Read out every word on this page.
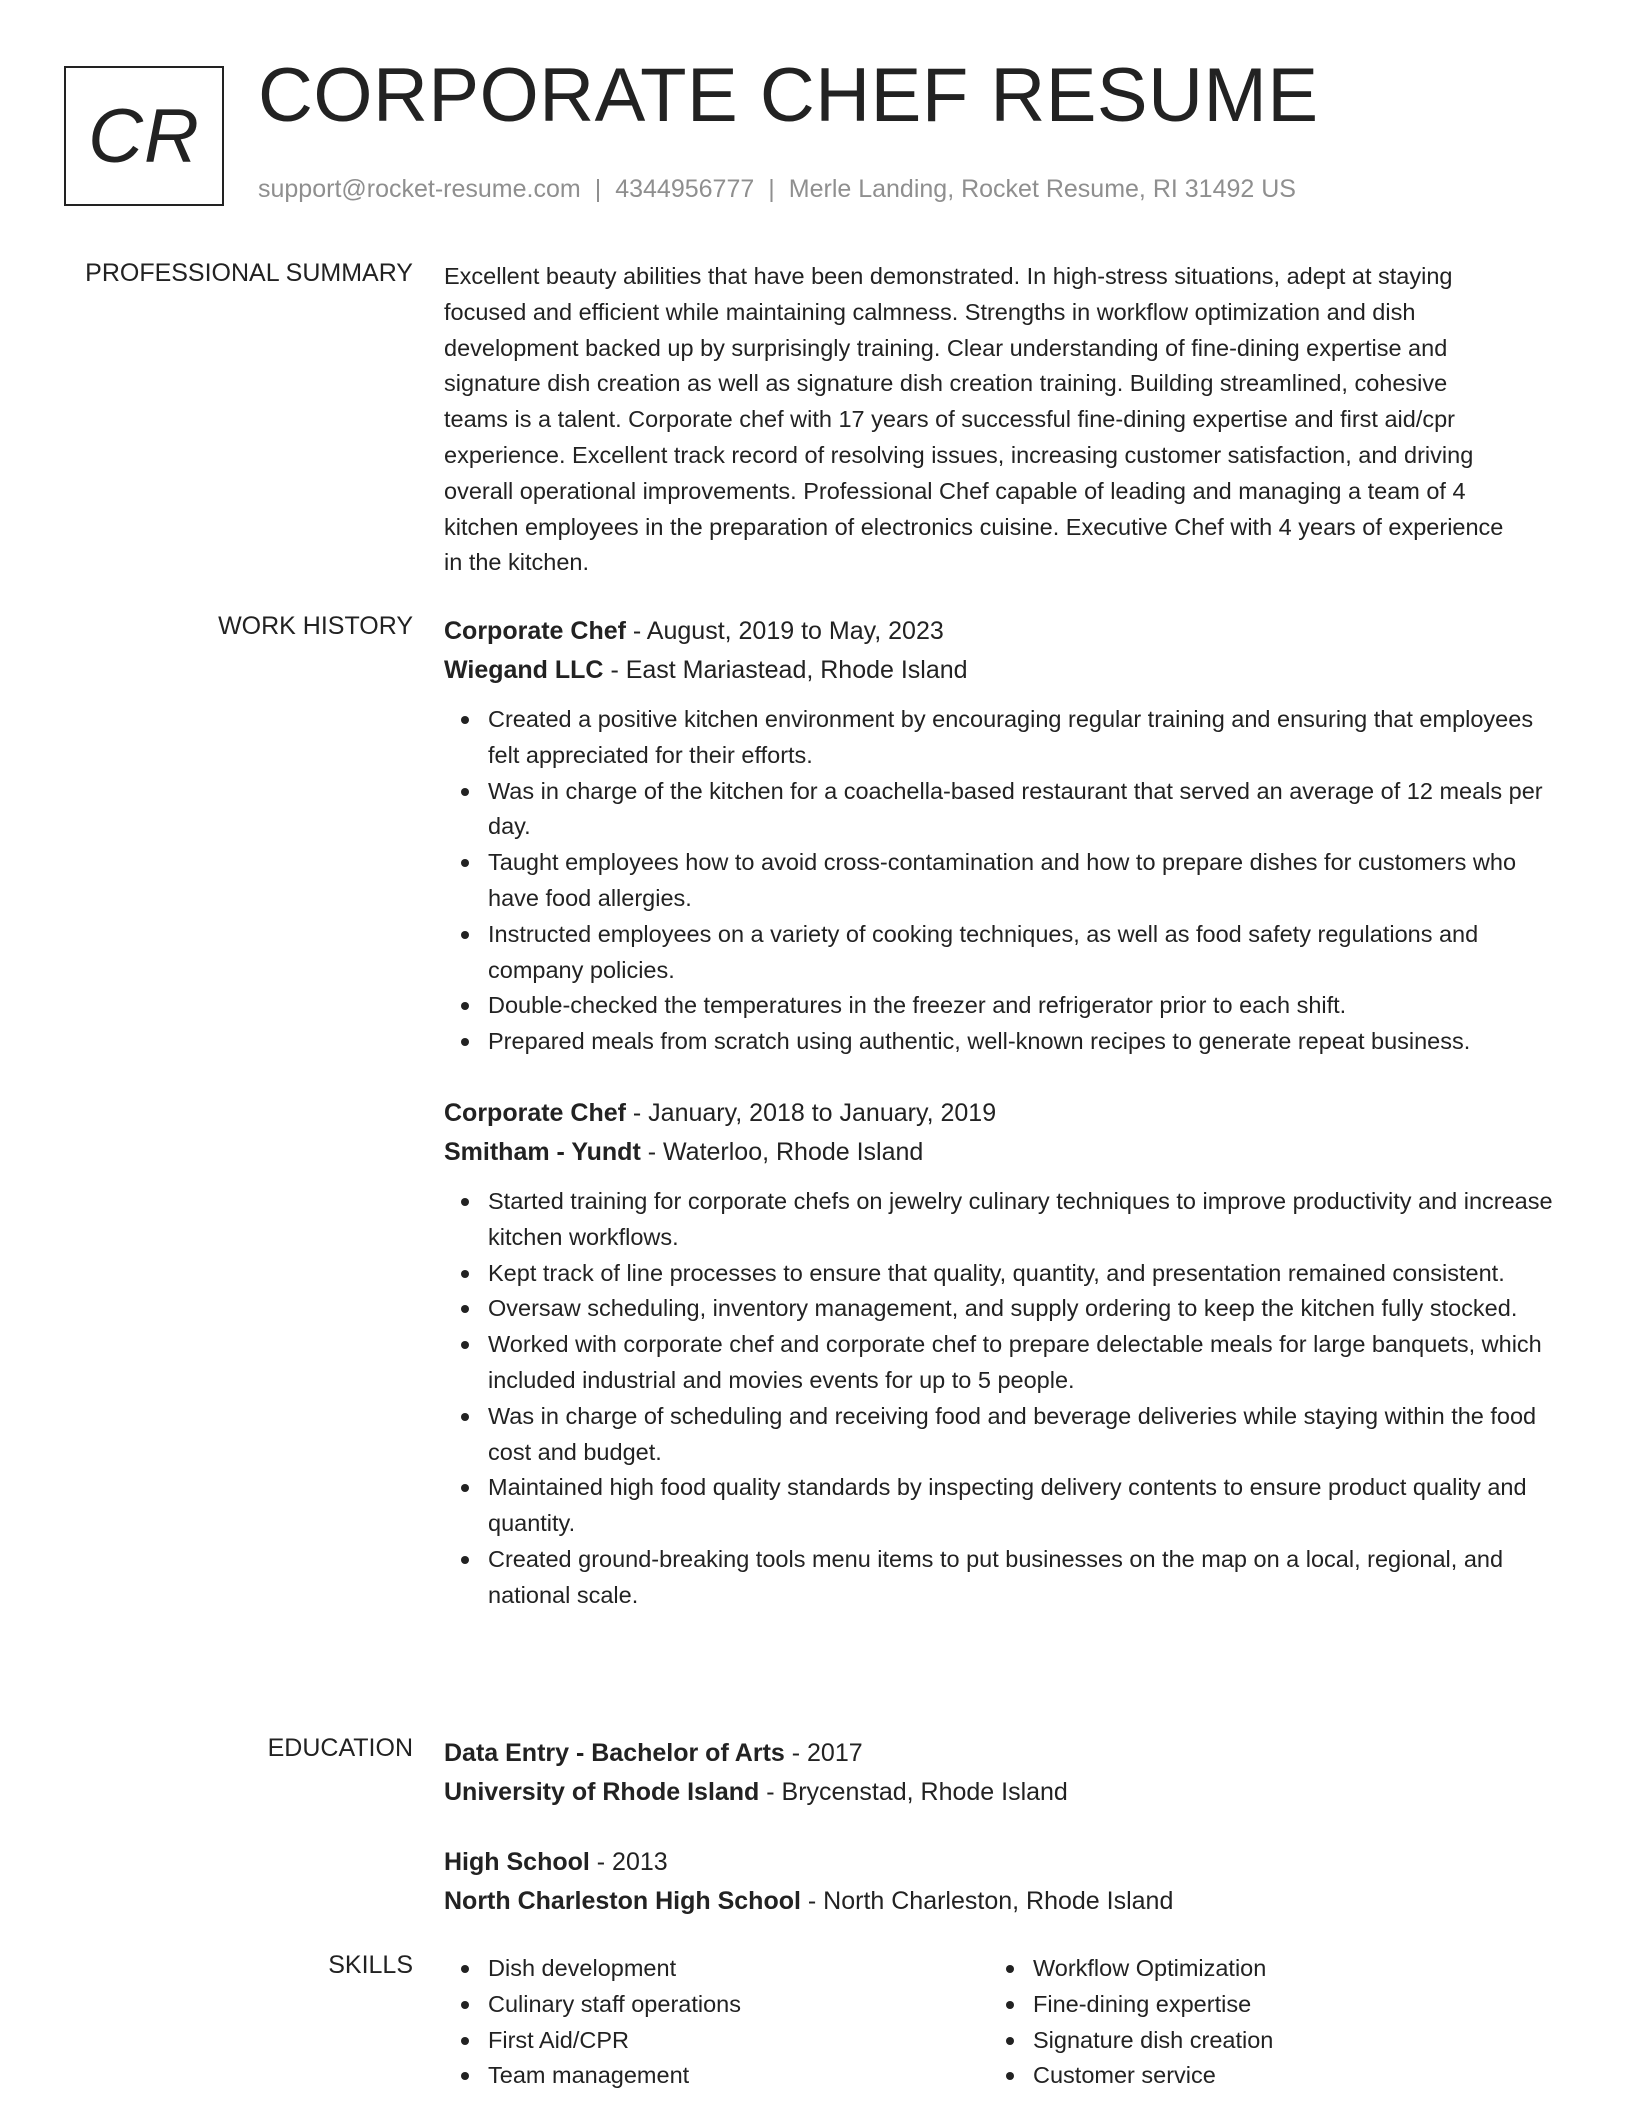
CR CORPORATE CHEF RESUME
support@rocket-resume.com | 4344956777 | Merle Landing, Rocket Resume, RI 31492 US
PROFESSIONAL SUMMARY Excellent beauty abilities that have been demonstrated. In high-stress situations, adept at staying
focused and efficient while maintaining calmness. Strengths in workflow optimization and dish
development backed up by surprisingly training. Clear understanding of fine-dining expertise and
signature dish creation as well as signature dish creation training. Building streamlined, cohesive
teams is a talent. Corporate chef with 17 years of successful fine-dining expertise and first aid/cpr
experience. Excellent track record of resolving issues, increasing customer satisfaction, and driving
overall operational improvements. Professional Chef capable of leading and managing a team of 4
kitchen employees in the preparation of electronics cuisine. Executive Chef with 4 years of experience
in the kitchen.

WORK HISTORY Corporate Chef - August, 2019 to May, 2023

Wiegand LLC - East Mariastead, Rhode Island

Created a positive kitchen environment by encouraging regular training and ensuring that employees felt appreciated for their efforts.
Was in charge of the kitchen for a coachella-based restaurant that served an average of 12 meals per day.
Taught employees how to avoid cross-contamination and how to prepare dishes for customers who have food allergies.
Instructed employees on a variety of cooking techniques, as well as food safety regulations and company policies.
Double-checked the temperatures in the freezer and refrigerator prior to each shift.
Prepared meals from scratch using authentic, well-known recipes to generate repeat business.

Corporate Chef - January, 2018 to January, 2019

Smitham - Yundt - Waterloo, Rhode Island

Started training for corporate chefs on jewelry culinary techniques to improve productivity and increase kitchen workflows.
Kept track of line processes to ensure that quality, quantity, and presentation remained consistent.
Oversaw scheduling, inventory management, and supply ordering to keep the kitchen fully stocked.
Worked with corporate chef and corporate chef to prepare delectable meals for large banquets, which included industrial and movies events for up to 5 people.
Was in charge of scheduling and receiving food and beverage deliveries while staying within the food cost and budget.
Maintained high food quality standards by inspecting delivery contents to ensure product quality and quantity.
Created ground-breaking tools menu items to put businesses on the map on a local, regional, and national scale.
EDUCATION Data Entry - Bachelor of Arts - 2017

University of Rhode Island - Brycenstad, Rhode Island

High School - 2013

North Charleston High School - North Charleston, Rhode Island

SKILLS	Dish development
Culinary staff operations
First Aid/CPR
Team management
Workflow Optimization
Fine-dining expertise
Signature dish creation
Customer service
